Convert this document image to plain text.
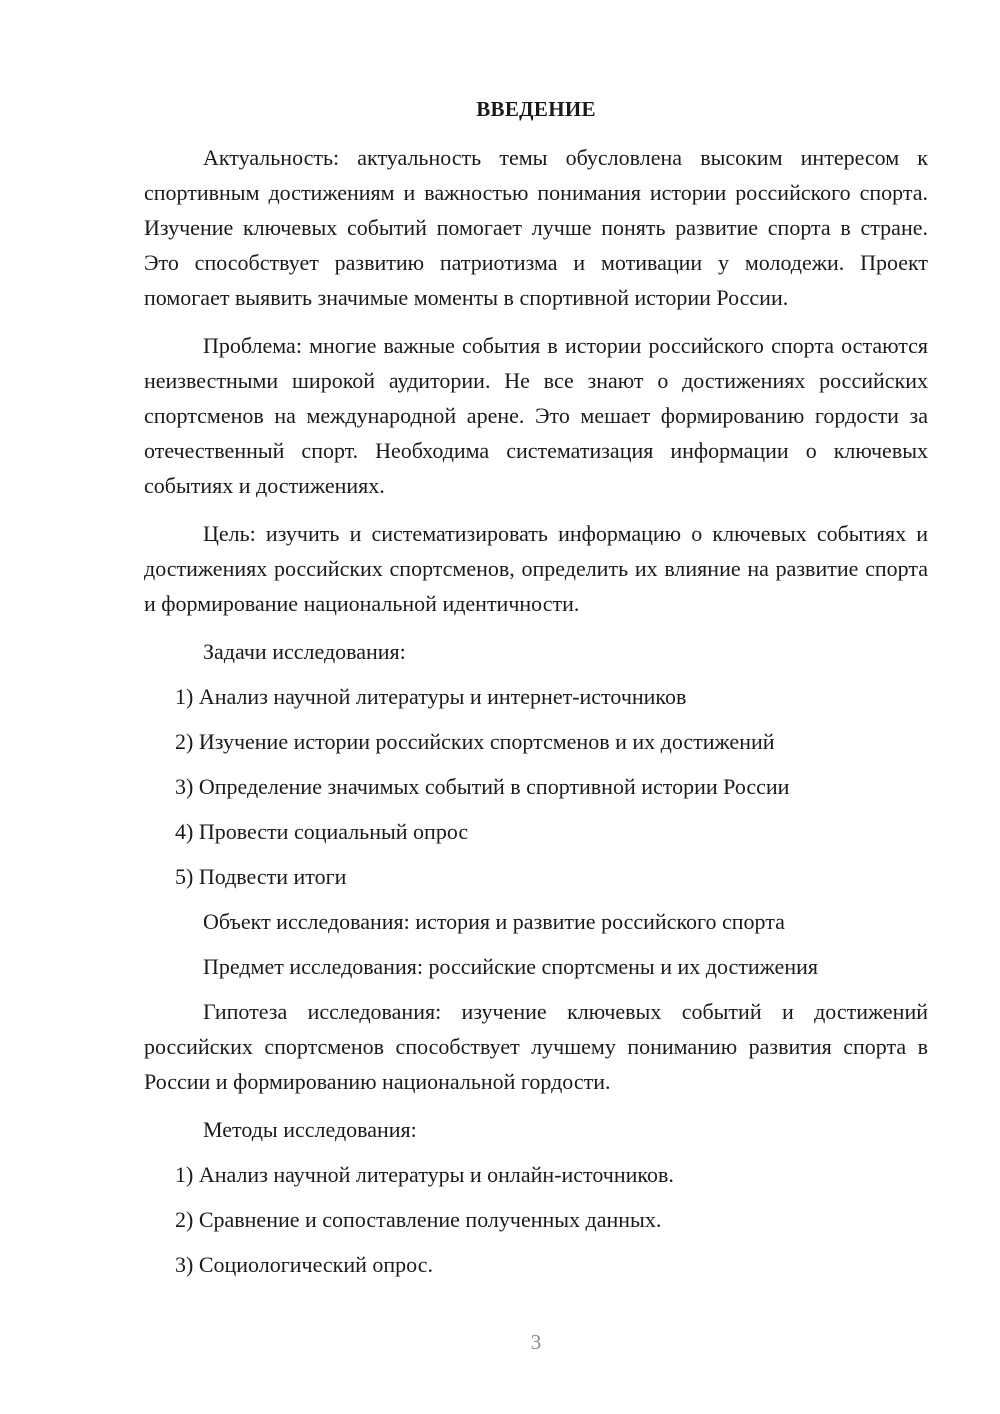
ВВЕДЕНИЕ

Актуальность: актуальность темы обусловлена высоким интересом к спортивным достижениям и важностью понимания истории российского спорта. Изучение ключевых событий помогает лучше понять развитие спорта в стране. Это способствует развитию патриотизма и мотивации у молодежи. Проект помогает выявить значимые моменты в спортивной истории России.

Проблема: многие важные события в истории российского спорта остаются неизвестными широкой аудитории. Не все знают о достижениях российских спортсменов на международной арене. Это мешает формированию гордости за отечественный спорт. Необходима систематизация информации о ключевых событиях и достижениях.

Цель: изучить и систематизировать информацию о ключевых событиях и достижениях российских спортсменов, определить их влияние на развитие спорта и формирование национальной идентичности.

Задачи исследования:
1) Анализ научной литературы и интернет-источников
2) Изучение истории российских спортсменов и их достижений
3) Определение значимых событий в спортивной истории России
4) Провести социальный опрос
5) Подвести итоги
Объект исследования: история и развитие российского спорта
Предмет исследования: российские спортсмены и их достижения

Гипотеза исследования: изучение ключевых событий и достижений российских спортсменов способствует лучшему пониманию развития спорта в России и формированию национальной гордости.

Методы исследования:
1) Анализ научной литературы и онлайн-источников.
2) Сравнение и сопоставление полученных данных.
3) Социологический опрос.
3
